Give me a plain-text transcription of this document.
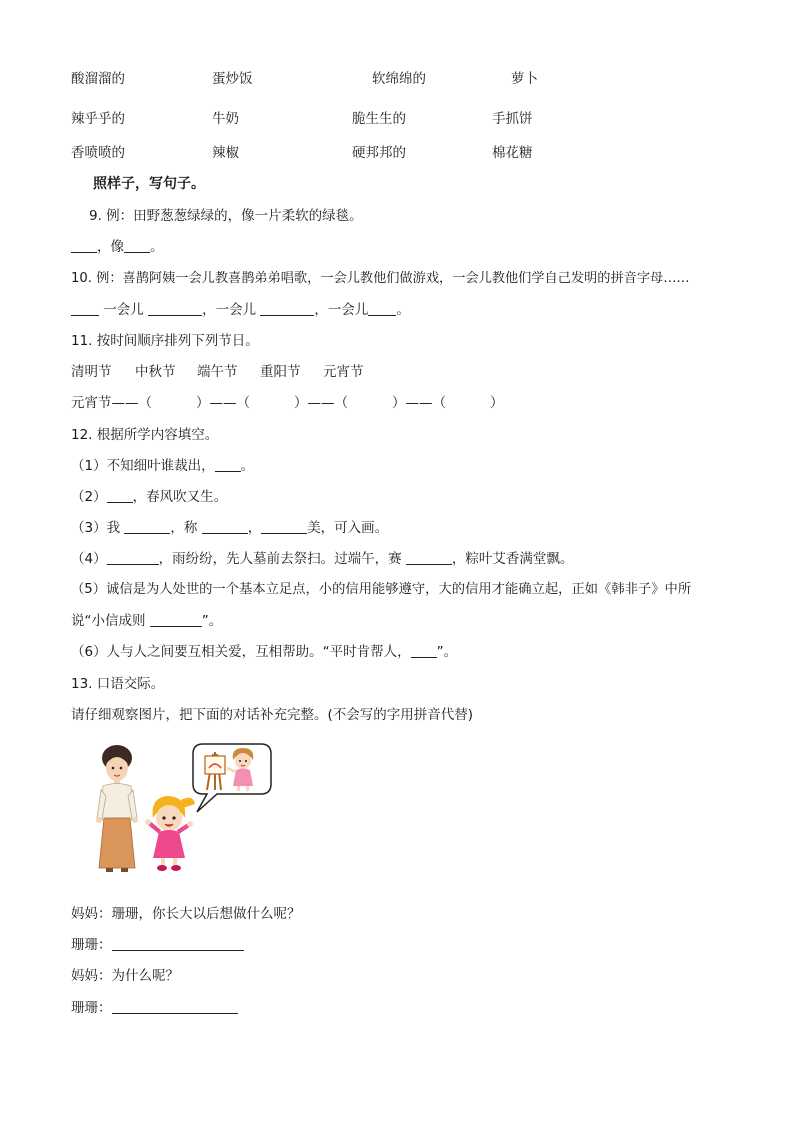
酸溜溜的	蛋炒饭	软绵绵的	萝卜
辣乎乎的	牛奶	脆生生的	手抓饼
香喷喷的	辣椒	硬邦邦的	棉花糖
照样子，写句子。
9. 例：田野葱葱绿绿的，像一片柔软的绿毯。
，像 。
10. 例：喜鹊阿姨一会儿教喜鹊弟弟唱歌，一会儿教他们做游戏，一会儿教他们学自己发明的拼音字母……
一会儿	，一会儿	，一会儿 。
11. 按时间顺序排列下列节日。
清明节 中秋节 端午节 重阳节 元宵节
元宵节——（	）——（	）——（	）——（	）
12. 根据所学内容填空。
（1）不知细叶谁裁出， 。
（2） ，春风吹又生。
（3）我	，称	，	美，可入画。
（4）	，雨纷纷，先人墓前去祭扫。过端午，赛	，粽叶艾香满堂飘。
（5）诚信是为人处世的一个基本立足点，小的信用能够遵守，大的信用才能确立起，正如《韩非子》中所
说“小信成则	”。
（6）人与人之间要互相关爱，互相帮助。“平时肯帮人， ”。
13. 口语交际。
请仔细观察图片，把下面的对话补充完整。(不会写的字用拼音代替)
妈妈：珊珊，你长大以后想做什么呢？
珊珊：
妈妈：为什么呢？
珊珊：
